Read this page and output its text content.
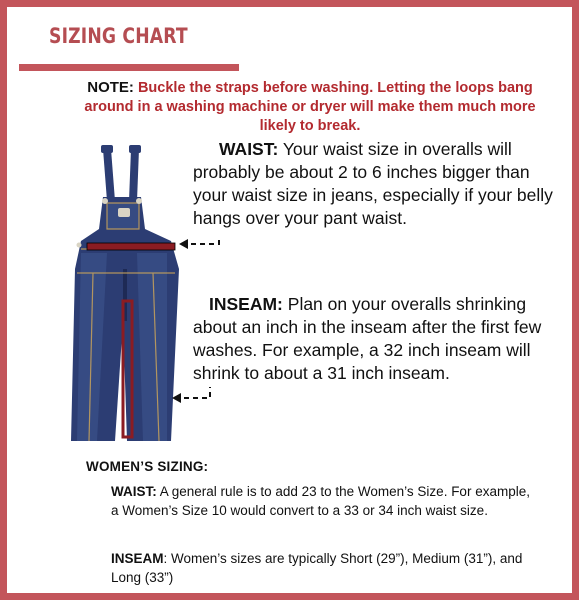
SIZING CHART
NOTE: Buckle the straps before washing. Letting the loops bang around in a washing machine or dryer will make them much more likely to break.
WAIST: Your waist size in overalls will probably be about 2 to 6 inches bigger than your waist size in jeans, especially if your belly hangs over your pant waist.
INSEAM: Plan on your overalls shrinking about an inch in the inseam after the first few washes. For example, a 32 inch inseam will shrink to about a 31 inch inseam.
WOMEN’S SIZING:
WAIST: A general rule is to add 23 to the Women’s Size. For example, a Women’s Size 10 would convert to a 33 or 34 inch waist size.
INSEAM: Women’s sizes are typically Short (29”), Medium (31”), and Long (33”)
